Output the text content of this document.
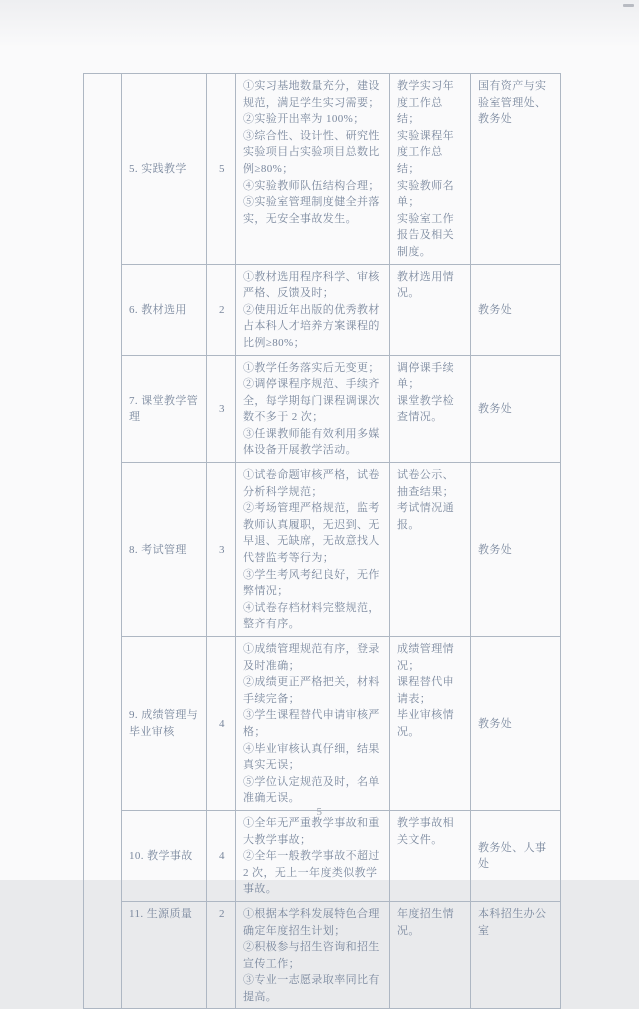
5. 实践教学	5

①实习基地数量充分，建设规范，满足学生实习需要；
②实验开出率为 100%；
③综合性、设计性、研究性实验项目占实验项目总数比例≥80%；
④实验教师队伍结构合理；
⑤实验室管理制度健全并落实，无安全事故发生。

教学实习年度工作总结；
实验课程年度工作总结；
实验教师名单；
实验室工作报告及相关制度。

国有资产与实验室管理处、教务处

	6. 教材选用	2	①教材选用程序科学、审核严格、反馈及时；
②使用近年出版的优秀教材占本科人才培养方案课程的比例≥80%；	教材选用情况。	教务处

7. 课堂教学管理

3

①教学任务落实后无变更；
②调停课程序规范、手续齐全，每学期每门课程调课次数不多于 2 次；
③任课教师能有效利用多媒体设备开展教学活动。

调停课手续单；
课堂教学检查情况。

教务处

8. 考试管理	3

①试卷命题审核严格，试卷分析科学规范；
②考场管理严格规范，监考教师认真履职，无迟到、无早退、无缺席，无故意找人代替监考等行为；
③学生考风考纪良好，无作弊情况；
④试卷存档材料完整规范，整齐有序。

试卷公示、抽查结果；
考试情况通报。

教务处

9. 成绩管理与毕业审核

4

①成绩管理规范有序，登录及时准确；
②成绩更正严格把关，材料手续完备；
③学生课程替代申请审核严格；
④毕业审核认真仔细，结果真实无误；
⑤学位认定规范及时，名单准确无误。

成绩管理情况；
课程替代申请表；
毕业审核情况。

教务处

	10. 教学事故	4	①全年无严重教学事故和重大教学事故；
②全年一般教学事故不超过 2 次，无上一年度类似教学事故。	教学事故相关文件。	教务处、人事处

	11. 生源质量	2	①根据本学科发展特色合理确定年度招生计划；
②积极参与招生咨询和招生宣传工作；
③专业一志愿录取率同比有提高。	年度招生情况。	本科招生办公室
5
